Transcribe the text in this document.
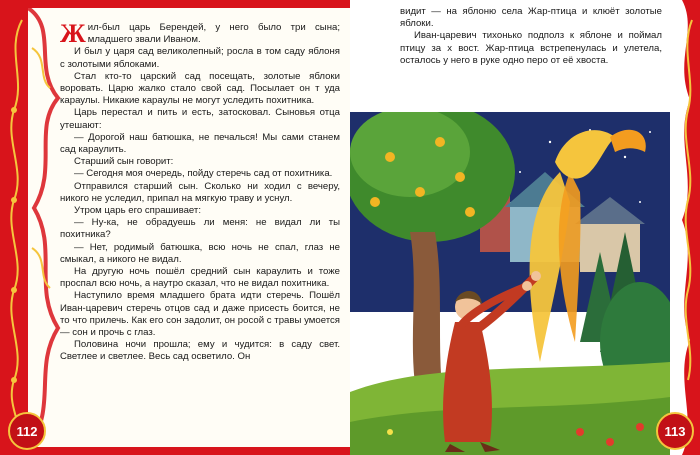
Жил-был царь Берендей, у него было три сына; младшего звали Иваном.

И был у царя сад великолепный; росла в том саду яблоня с золотыми яблоками.

Стал кто-то царский сад посещать, золотые яблоки воровать. Царю жалко стало свой сад. Посылает он т уда караулы. Никакие караулы не могут уследить похитника.

Царь перестал и пить и есть, затосковал. Сыновья отца утешают:

— Дорогой наш батюшка, не печалься! Мы сами станем сад караулить.

Старший сын говорит:

— Сегодня моя очередь, пойду стеречь сад от похитника.

Отправился старший сын. Сколько ни ходил с вечеру, никого не уследил, припал на мягкую траву и уснул.

Утром царь его спрашивает:

— Ну-ка, не обрадуешь ли меня: не видал ли ты похитника?

— Нет, родимый батюшка, всю ночь не спал, глаз не смыкал, а никого не видал.

На другую ночь пошёл средний сын караулить и тоже проспал всю ночь, а наутро сказал, что не видал похитника.

Наступило время младшего брата идти стеречь. Пошёл Иван-царевич стеречь отцов сад и даже присесть боится, не то что прилечь. Как его сон задолит, он росой с травы умоется — сон и прочь с глаз.

Половина ночи прошла; ему и чудится: в саду свет. Светлее и светлее. Весь сад осветило. Он

112

видит — на яблоню села Жар-птица и клюёт золотые яблоки.

Иван-царевич тихонько подполз к яблоне и поймал птицу за х вост. Жар-птица встрепенулась и улетела, осталось у него в руке одно перо от её хвоста.

113
